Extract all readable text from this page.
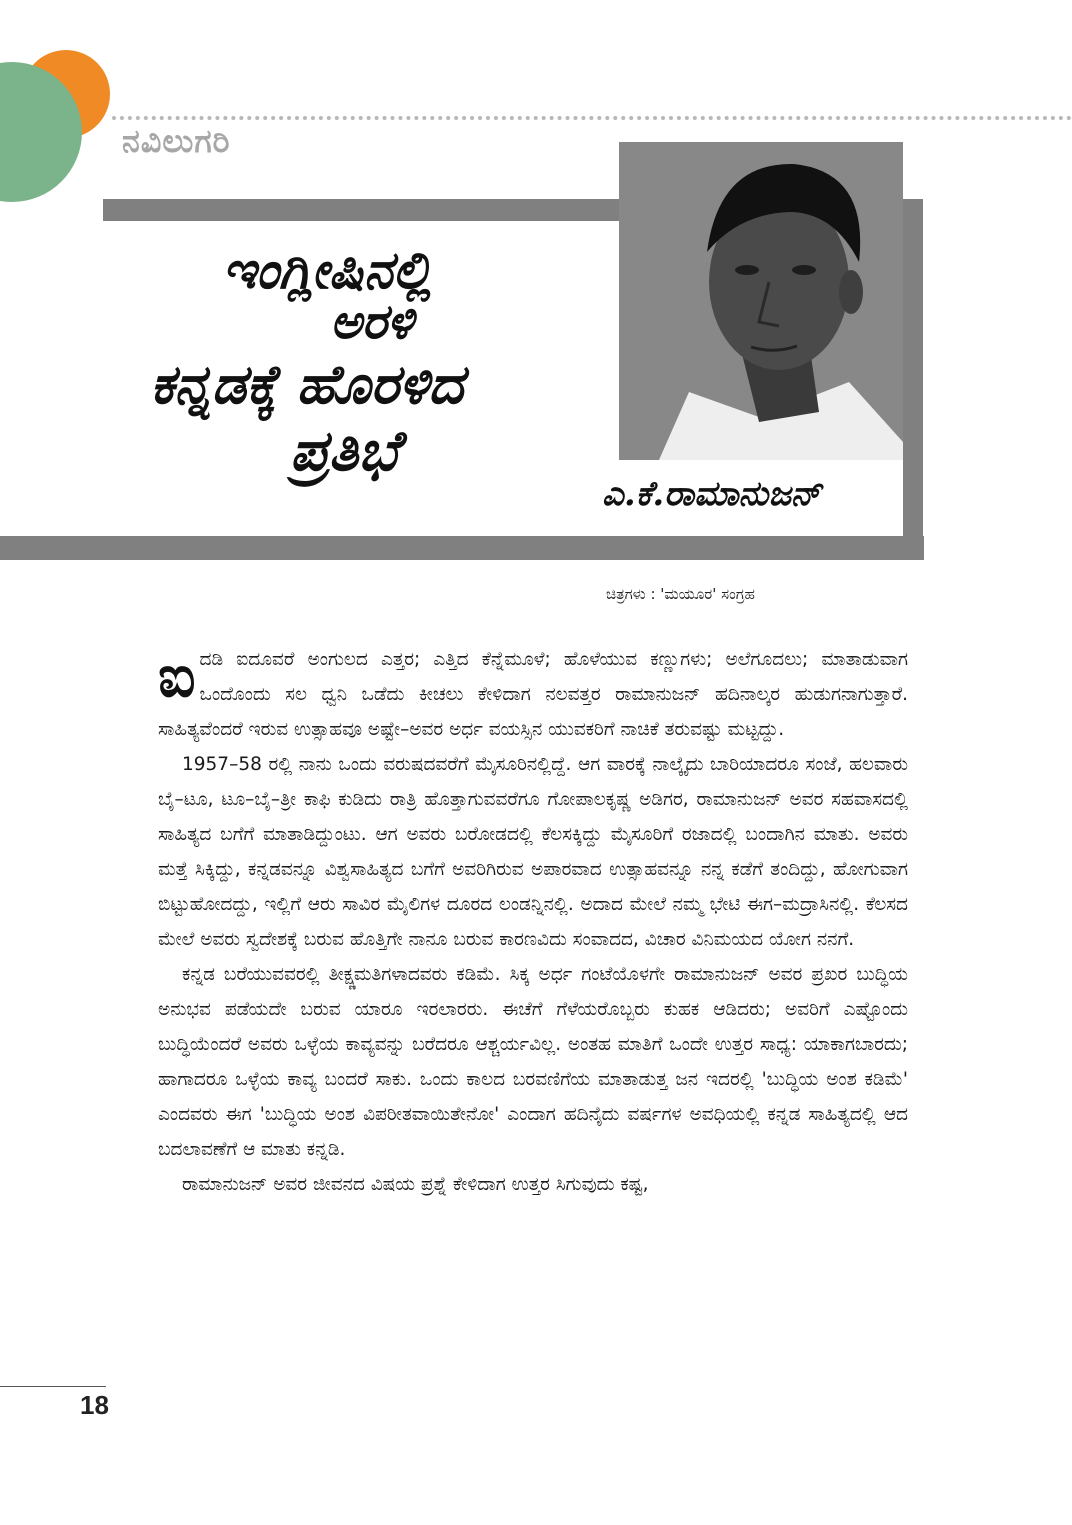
ನವಿಲುಗರಿ
ಇಂಗ್ಲೀಷಿನಲ್ಲಿ
ಅರಳಿ
ಕನ್ನಡಕ್ಕೆ ಹೊರಳಿದ
ಪ್ರತಿಭೆ
ಎ.ಕೆ.ರಾಮಾನುಜನ್
ಚಿತ್ರಗಳು : 'ಮಯೂರ' ಸಂಗ್ರಹ

ಐದಡಿ ಐದೂವರೆ ಅಂಗುಲದ ಎತ್ತರ; ಎತ್ತಿದ ಕೆನ್ನೆಮೂಳೆ; ಹೊಳೆಯುವ ಕಣ್ಣುಗಳು; ಅಲೆಗೂದಲು; ಮಾತಾಡುವಾಗ ಒಂದೊಂದು ಸಲ ಧ್ವನಿ ಒಡೆದು ಕೀಚಲು ಕೇಳಿದಾಗ ನಲವತ್ತರ ರಾಮಾನುಜನ್ ಹದಿನಾಲ್ಕರ ಹುಡುಗನಾಗುತ್ತಾರೆ. ಸಾಹಿತ್ಯವೆಂದರೆ ಇರುವ ಉತ್ಸಾಹವೂ ಅಷ್ಟೇ–ಅವರ ಅರ್ಧ ವಯಸ್ಸಿನ ಯುವಕರಿಗೆ ನಾಚಿಕೆ ತರುವಷ್ಟು ಮಟ್ಟದ್ದು.

1957–58 ರಲ್ಲಿ ನಾನು ಒಂದು ವರುಷದವರೆಗೆ ಮೈಸೂರಿನಲ್ಲಿದ್ದೆ. ಆಗ ವಾರಕ್ಕೆ ನಾಲ್ಕೈದು ಬಾರಿಯಾದರೂ ಸಂಜೆ, ಹಲವಾರು ಬೈ–ಟೂ, ಟೂ–ಬೈ–ತ್ರೀ ಕಾಫಿ ಕುಡಿದು ರಾತ್ರಿ ಹೊತ್ತಾಗುವವರೆಗೂ ಗೋಪಾಲಕೃಷ್ಣ ಅಡಿಗರ, ರಾಮಾನುಜನ್ ಅವರ ಸಹವಾಸದಲ್ಲಿ ಸಾಹಿತ್ಯದ ಬಗೆಗೆ ಮಾತಾಡಿದ್ದುಂಟು. ಆಗ ಅವರು ಬರೋಡದಲ್ಲಿ ಕೆಲಸಕ್ಕಿದ್ದು ಮೈಸೂರಿಗೆ ರಜಾದಲ್ಲಿ ಬಂದಾಗಿನ ಮಾತು. ಅವರು ಮತ್ತೆ ಸಿಕ್ಕಿದ್ದು, ಕನ್ನಡವನ್ನೂ ವಿಶ್ವಸಾಹಿತ್ಯದ ಬಗೆಗೆ ಅವರಿಗಿರುವ ಅಪಾರವಾದ ಉತ್ಸಾಹವನ್ನೂ ನನ್ನ ಕಡೆಗೆ ತಂದಿದ್ದು, ಹೋಗುವಾಗ ಬಿಟ್ಟುಹೋದದ್ದು, ಇಲ್ಲಿಗೆ ಆರು ಸಾವಿರ ಮೈಲಿಗಳ ದೂರದ ಲಂಡನ್ನಿನಲ್ಲಿ. ಅದಾದ ಮೇಲೆ ನಮ್ಮ ಭೇಟಿ ಈಗ–ಮದ್ರಾಸಿನಲ್ಲಿ. ಕೆಲಸದ ಮೇಲೆ ಅವರು ಸ್ವದೇಶಕ್ಕೆ ಬರುವ ಹೊತ್ತಿಗೇ ನಾನೂ ಬರುವ ಕಾರಣವಿದು ಸಂವಾದದ, ವಿಚಾರ ವಿನಿಮಯದ ಯೋಗ ನನಗೆ.

ಕನ್ನಡ ಬರೆಯುವವರಲ್ಲಿ ತೀಕ್ಷ್ಣಮತಿಗಳಾದವರು ಕಡಿಮೆ. ಸಿಕ್ಕ ಅರ್ಧ ಗಂಟೆಯೊಳಗೇ ರಾಮಾನುಜನ್ ಅವರ ಪ್ರಖರ ಬುದ್ಧಿಯ ಅನುಭವ ಪಡೆಯದೇ ಬರುವ ಯಾರೂ ಇರಲಾರರು. ಈಚೆಗೆ ಗೆಳೆಯರೊಬ್ಬರು ಕುಹಕ ಆಡಿದರು; ಅವರಿಗೆ ಎಷ್ಟೊಂದು ಬುದ್ಧಿಯೆಂದರೆ ಅವರು ಒಳ್ಳೆಯ ಕಾವ್ಯವನ್ನು ಬರೆದರೂ ಆಶ್ಚರ್ಯವಿಲ್ಲ. ಅಂತಹ ಮಾತಿಗೆ ಒಂದೇ ಉತ್ತರ ಸಾಧ್ಯ: ಯಾಕಾಗಬಾರದು; ಹಾಗಾದರೂ ಒಳ್ಳೆಯ ಕಾವ್ಯ ಬಂದರೆ ಸಾಕು. ಒಂದು ಕಾಲದ ಬರವಣಿಗೆಯ ಮಾತಾಡುತ್ತ ಜನ ಇದರಲ್ಲಿ 'ಬುದ್ಧಿಯ ಅಂಶ ಕಡಿಮೆ' ಎಂದವರು ಈಗ 'ಬುದ್ಧಿಯ ಅಂಶ ವಿಪರೀತವಾಯಿತೇನೋ' ಎಂದಾಗ ಹದಿನೈದು ವರ್ಷಗಳ ಅವಧಿಯಲ್ಲಿ ಕನ್ನಡ ಸಾಹಿತ್ಯದಲ್ಲಿ ಆದ ಬದಲಾವಣೆಗೆ ಆ ಮಾತು ಕನ್ನಡಿ.

ರಾಮಾನುಜನ್ ಅವರ ಜೀವನದ ವಿಷಯ ಪ್ರಶ್ನೆ ಕೇಳಿದಾಗ ಉತ್ತರ ಸಿಗುವುದು ಕಷ್ಟ,

18
